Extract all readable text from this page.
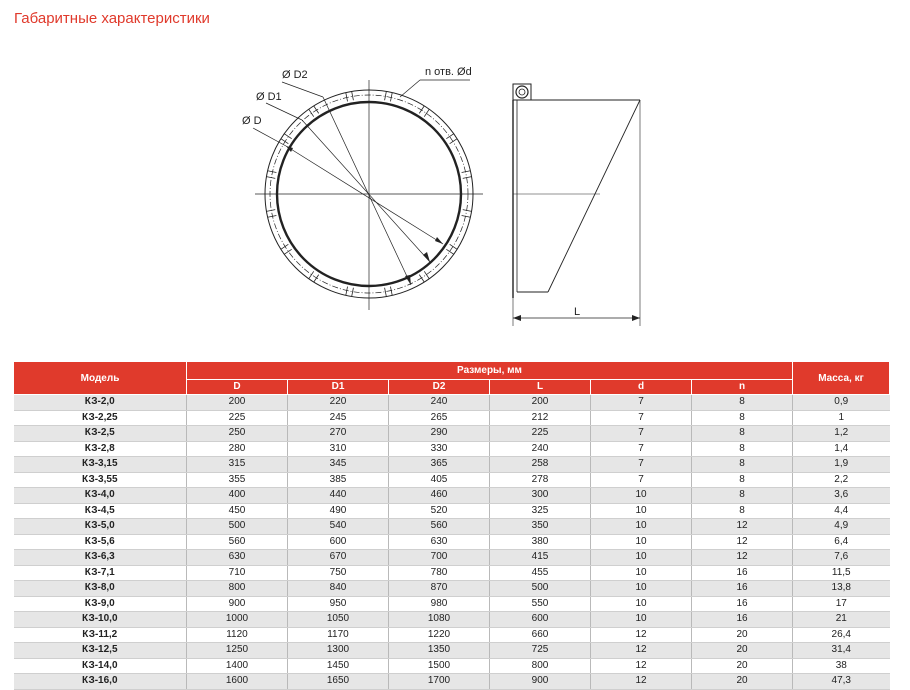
Габаритные характеристики
Ø D2
Ø D1
Ø D
n отв. Ød
L
Модель	Размеры, мм						Масса, кг
	D	D1	D2	L	d	n	
КЗ-2,0	200	220	240	200	7	8	0,9
КЗ-2,25	225	245	265	212	7	8	1
КЗ-2,5	250	270	290	225	7	8	1,2
КЗ-2,8	280	310	330	240	7	8	1,4
КЗ-3,15	315	345	365	258	7	8	1,9
КЗ-3,55	355	385	405	278	7	8	2,2
КЗ-4,0	400	440	460	300	10	8	3,6
КЗ-4,5	450	490	520	325	10	8	4,4
КЗ-5,0	500	540	560	350	10	12	4,9
КЗ-5,6	560	600	630	380	10	12	6,4
КЗ-6,3	630	670	700	415	10	12	7,6
КЗ-7,1	710	750	780	455	10	16	11,5
КЗ-8,0	800	840	870	500	10	16	13,8
КЗ-9,0	900	950	980	550	10	16	17
КЗ-10,0	1000	1050	1080	600	10	16	21
КЗ-11,2	1120	1170	1220	660	12	20	26,4
КЗ-12,5	1250	1300	1350	725	12	20	31,4
КЗ-14,0	1400	1450	1500	800	12	20	38
КЗ-16,0	1600	1650	1700	900	12	20	47,3
